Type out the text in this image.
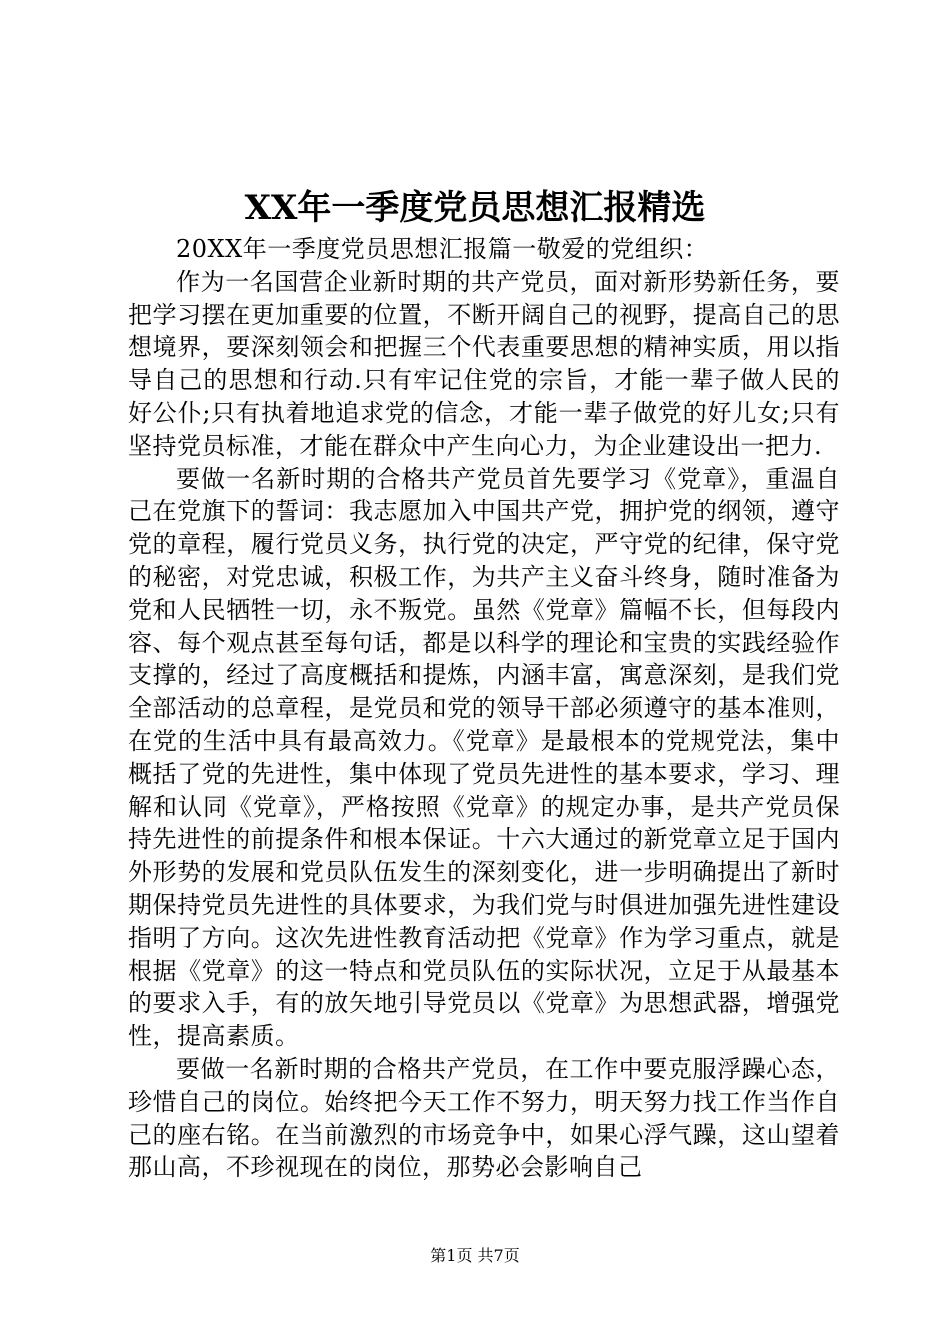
XX年一季度党员思想汇报精选

20XX年一季度党员思想汇报篇一敬爱的党组织：

作为一名国营企业新时期的共产党员，面对新形势新任务，要把学习摆在更加重要的位置，不断开阔自己的视野，提高自己的思想境界，要深刻领会和把握三个代表重要思想的精神实质，用以指导自己的思想和行动.只有牢记住党的宗旨，才能一辈子做人民的好公仆;只有执着地追求党的信念，才能一辈子做党的好儿女;只有坚持党员标准，才能在群众中产生向心力，为企业建设出一把力.

要做一名新时期的合格共产党员首先要学习《党章》，重温自己在党旗下的誓词：我志愿加入中国共产党，拥护党的纲领，遵守党的章程，履行党员义务，执行党的决定，严守党的纪律，保守党的秘密，对党忠诚，积极工作，为共产主义奋斗终身，随时准备为党和人民牺牲一切，永不叛党。虽然《党章》篇幅不长，但每段内容、每个观点甚至每句话，都是以科学的理论和宝贵的实践经验作支撑的，经过了高度概括和提炼，内涵丰富，寓意深刻，是我们党全部活动的总章程，是党员和党的领导干部必须遵守的基本准则，在党的生活中具有最高效力。《党章》是最根本的党规党法，集中概括了党的先进性，集中体现了党员先进性的基本要求，学习、理解和认同《党章》，严格按照《党章》的规定办事，是共产党员保持先进性的前提条件和根本保证。十六大通过的新党章立足于国内外形势的发展和党员队伍发生的深刻变化，进一步明确提出了新时期保持党员先进性的具体要求，为我们党与时俱进加强先进性建设指明了方向。这次先进性教育活动把《党章》作为学习重点，就是根据《党章》的这一特点和党员队伍的实际状况，立足于从最基本的要求入手，有的放矢地引导党员以《党章》为思想武器，增强党性，提高素质。

要做一名新时期的合格共产党员，在工作中要克服浮躁心态，珍惜自己的岗位。始终把今天工作不努力，明天努力找工作当作自己的座右铭。在当前激烈的市场竞争中，如果心浮气躁，这山望着那山高，不珍视现在的岗位，那势必会影响自己

第1页 共7页
